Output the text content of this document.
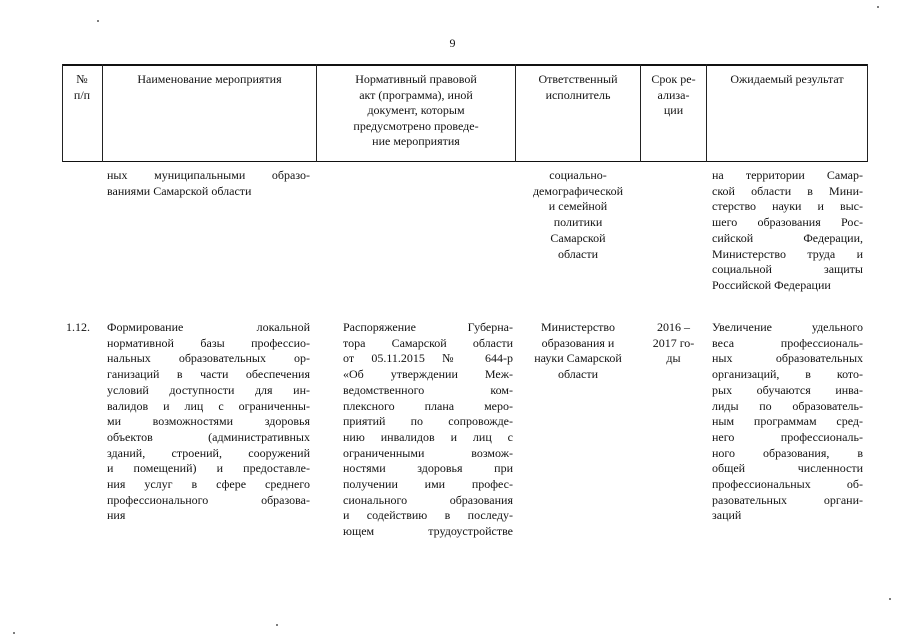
9
№
п/п
Наименование мероприятия	Нормативный правовой
акт (программа), иной
документ, которым
предусмотрено проведе-
ние мероприятия
Ответственный
исполнитель
Срок ре-
ализа-
ции
Ожидаемый результат
ных муниципальными образо-
ваниями Самарской области
социально-
демографической
и семейной
политики
Самарской
области
на территории Самар-
ской области в Мини-
стерство науки и выс-
шего образования Рос-
сийской Федерации,
Министерство труда и
социальной защиты
Российской Федерации
1.12. Формирование локальной
нормативной базы профессио-
нальных образовательных ор-
ганизаций в части обеспечения
условий доступности для ин-
валидов и лиц с ограниченны-
ми возможностями здоровья
объектов (административных
зданий, строений, сооружений
и помещений) и предоставле-
ния услуг в сфере среднего
профессионального образова-
ния
Распоряжение Губерна-
тора Самарской области
от 05.11.2015 № 644-р
«Об утверждении Меж-
ведомственного ком-
плексного плана меро-
приятий по сопровожде-
нию инвалидов и лиц с
ограниченными возмож-
ностями здоровья при
получении ими профес-
сионального образования
и содействию в последу-
ющем трудоустройстве
Министерство
образования и
науки Самарской
области
2016 –
2017 го-
ды
Увеличение удельного
веса профессиональ-
ных образовательных
организаций, в кото-
рых обучаются инва-
лиды по образователь-
ным программам сред-
него профессиональ-
ного образования, в
общей численности
профессиональных об-
разовательных органи-
заций
